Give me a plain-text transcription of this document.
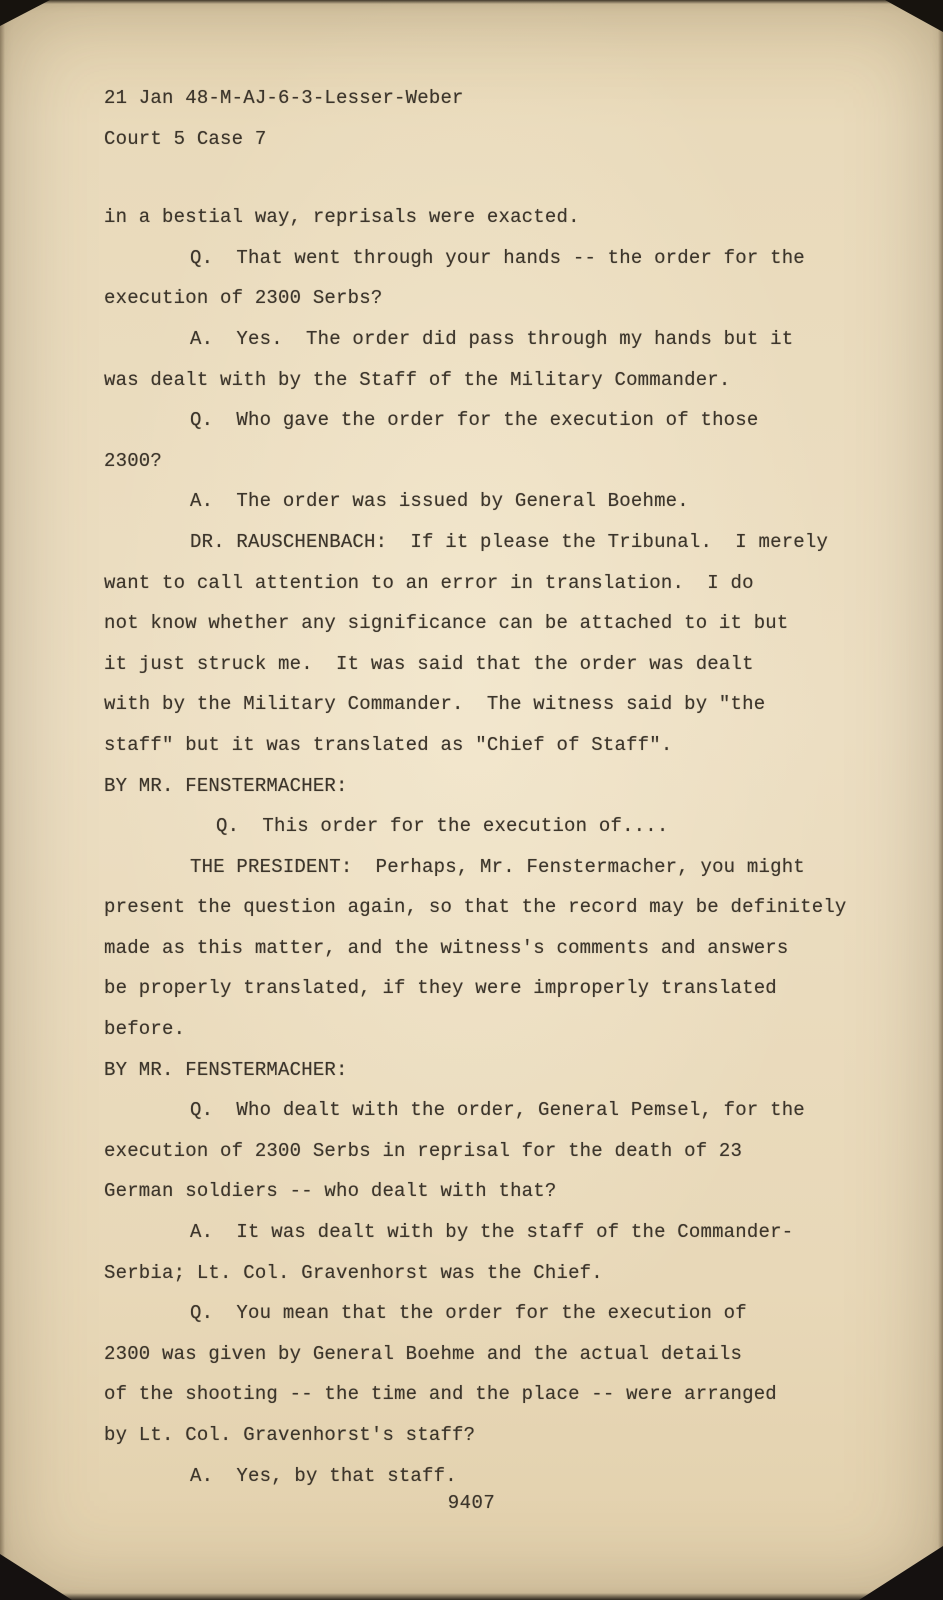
21 Jan 48-M-AJ-6-3-Lesser-Weber
Court 5 Case 7
in a bestial way, reprisals were exacted.
Q.  That went through your hands -- the order for the
execution of 2300 Serbs?
A.  Yes.  The order did pass through my hands but it
was dealt with by the Staff of the Military Commander.
Q.  Who gave the order for the execution of those
2300?
A.  The order was issued by General Boehme.
DR. RAUSCHENBACH:  If it please the Tribunal.  I merely
want to call attention to an error in translation.  I do
not know whether any significance can be attached to it but
it just struck me.  It was said that the order was dealt
with by the Military Commander.  The witness said by "the
staff" but it was translated as "Chief of Staff".
BY MR. FENSTERMACHER:
Q.  This order for the execution of....
THE PRESIDENT:  Perhaps, Mr. Fenstermacher, you might
present the question again, so that the record may be definitely
made as this matter, and the witness's comments and answers
be properly translated, if they were improperly translated
before.
BY MR. FENSTERMACHER:
Q.  Who dealt with the order, General Pemsel, for the
execution of 2300 Serbs in reprisal for the death of 23
German soldiers -- who dealt with that?
A.  It was dealt with by the staff of the Commander-
Serbia; Lt. Col. Gravenhorst was the Chief.
Q.  You mean that the order for the execution of
2300 was given by General Boehme and the actual details
of the shooting -- the time and the place -- were arranged
by Lt. Col. Gravenhorst's staff?
A.  Yes, by that staff.
9407
